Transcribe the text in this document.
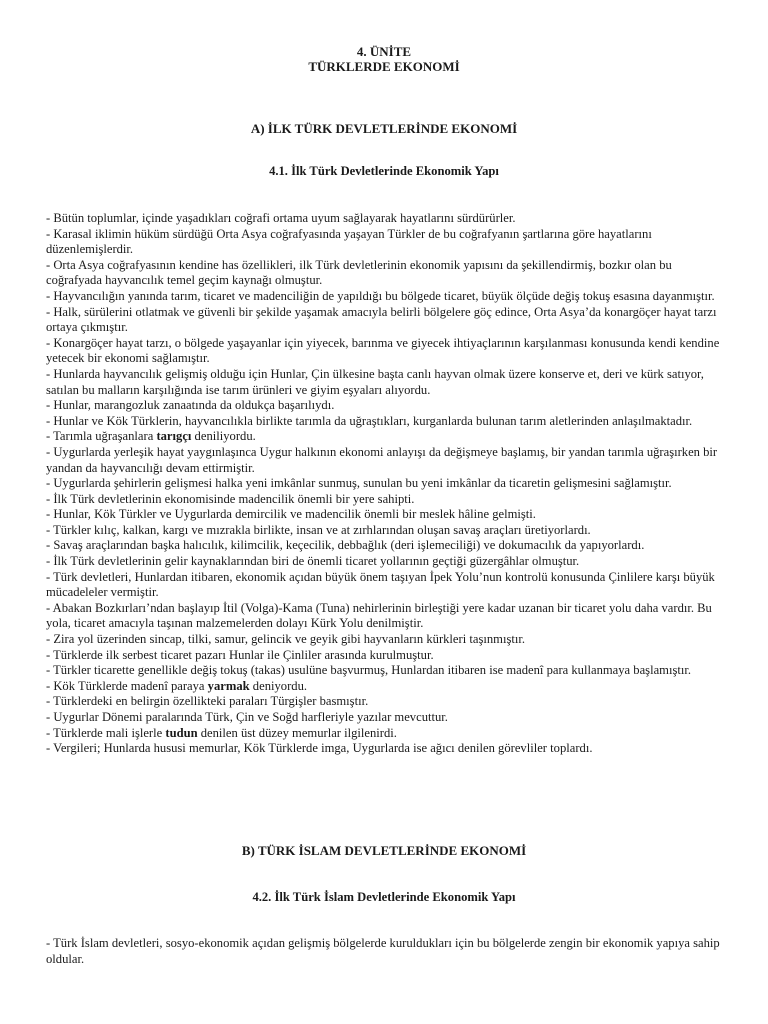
4. ÜNİTE
TÜRKLERDE EKONOMİ
A) İLK TÜRK DEVLETLERİNDE EKONOMİ
4.1. İlk Türk Devletlerinde Ekonomik Yapı

- Bütün toplumlar, içinde yaşadıkları coğrafi ortama uyum sağlayarak hayatlarını sürdürürler.

- Karasal iklimin hüküm sürdüğü Orta Asya coğrafyasında yaşayan Türkler de bu coğrafyanın şartlarına göre hayatlarını düzenlemişlerdir.

- Orta Asya coğrafyasının kendine has özellikleri, ilk Türk devletlerinin ekonomik yapısını da şekillendirmiş, bozkır olan bu coğrafyada hayvancılık temel geçim kaynağı olmuştur.

- Hayvancılığın yanında tarım, ticaret ve madenciliğin de yapıldığı bu bölgede ticaret, büyük ölçüde değiş tokuş esasına dayanmıştır.

- Halk, sürülerini otlatmak ve güvenli bir şekilde yaşamak amacıyla belirli bölgelere göç edince, Orta Asya’da konargöçer hayat tarzı ortaya çıkmıştır.

- Konargöçer hayat tarzı, o bölgede yaşayanlar için yiyecek, barınma ve giyecek ihtiyaçlarının karşılanması konusunda kendi kendine yetecek bir ekonomi sağlamıştır.

- Hunlarda hayvancılık gelişmiş olduğu için Hunlar, Çin ülkesine başta canlı hayvan olmak üzere konserve et, deri ve kürk satıyor, satılan bu malların karşılığında ise tarım ürünleri ve giyim eşyaları alıyordu.

- Hunlar, marangozluk zanaatında da oldukça başarılıydı.

- Hunlar ve Kök Türklerin, hayvancılıkla birlikte tarımla da uğraştıkları, kurganlarda bulunan tarım aletlerinden anlaşılmaktadır.

- Tarımla uğraşanlara tarıgçı deniliyordu.

- Uygurlarda yerleşik hayat yaygınlaşınca Uygur halkının ekonomi anlayışı da değişmeye başlamış, bir yandan tarımla uğraşırken bir yandan da hayvancılığı devam ettirmiştir.

- Uygurlarda şehirlerin gelişmesi halka yeni imkânlar sunmuş, sunulan bu yeni imkânlar da ticaretin gelişmesini sağlamıştır.

- İlk Türk devletlerinin ekonomisinde madencilik önemli bir yere sahipti.

- Hunlar, Kök Türkler ve Uygurlarda demircilik ve madencilik önemli bir meslek hâline gelmişti.

- Türkler kılıç, kalkan, kargı ve mızrakla birlikte, insan ve at zırhlarından oluşan savaş araçları üretiyorlardı.

- Savaş araçlarından başka halıcılık, kilimcilik, keçecilik, debbağlık (deri işlemeciliği) ve dokumacılık da yapıyorlardı.

- İlk Türk devletlerinin gelir kaynaklarından biri de önemli ticaret yollarının geçtiği güzergâhlar olmuştur.

- Türk devletleri, Hunlardan itibaren, ekonomik açıdan büyük önem taşıyan İpek Yolu’nun kontrolü konusunda Çinlilere karşı büyük mücadeleler vermiştir.

- Abakan Bozkırları’ndan başlayıp İtil (Volga)-Kama (Tuna) nehirlerinin birleştiği yere kadar uzanan bir ticaret yolu daha vardır. Bu yola, ticaret amacıyla taşınan malzemelerden dolayı Kürk Yolu denilmiştir.

- Zira yol üzerinden sincap, tilki, samur, gelincik ve geyik gibi hayvanların kürkleri taşınmıştır.

- Türklerde ilk serbest ticaret pazarı Hunlar ile Çinliler arasında kurulmuştur.

- Türkler ticarette genellikle değiş tokuş (takas) usulüne başvurmuş, Hunlardan itibaren ise madenî para kullanmaya başlamıştır.

- Kök Türklerde madenî paraya yarmak deniyordu.

- Türklerdeki en belirgin özellikteki paraları Türgişler basmıştır.

- Uygurlar Dönemi paralarında Türk, Çin ve Soğd harfleriyle yazılar mevcuttur.

- Türklerde mali işlerle tudun denilen üst düzey memurlar ilgilenirdi.

- Vergileri; Hunlarda hususi memurlar, Kök Türklerde imga, Uygurlarda ise ağıcı denilen görevliler toplardı.

B) TÜRK İSLAM DEVLETLERİNDE EKONOMİ
4.2. İlk Türk İslam Devletlerinde Ekonomik Yapı

- Türk İslam devletleri, sosyo-ekonomik açıdan gelişmiş bölgelerde kuruldukları için bu bölgelerde zengin bir ekonomik yapıya sahip oldular.
